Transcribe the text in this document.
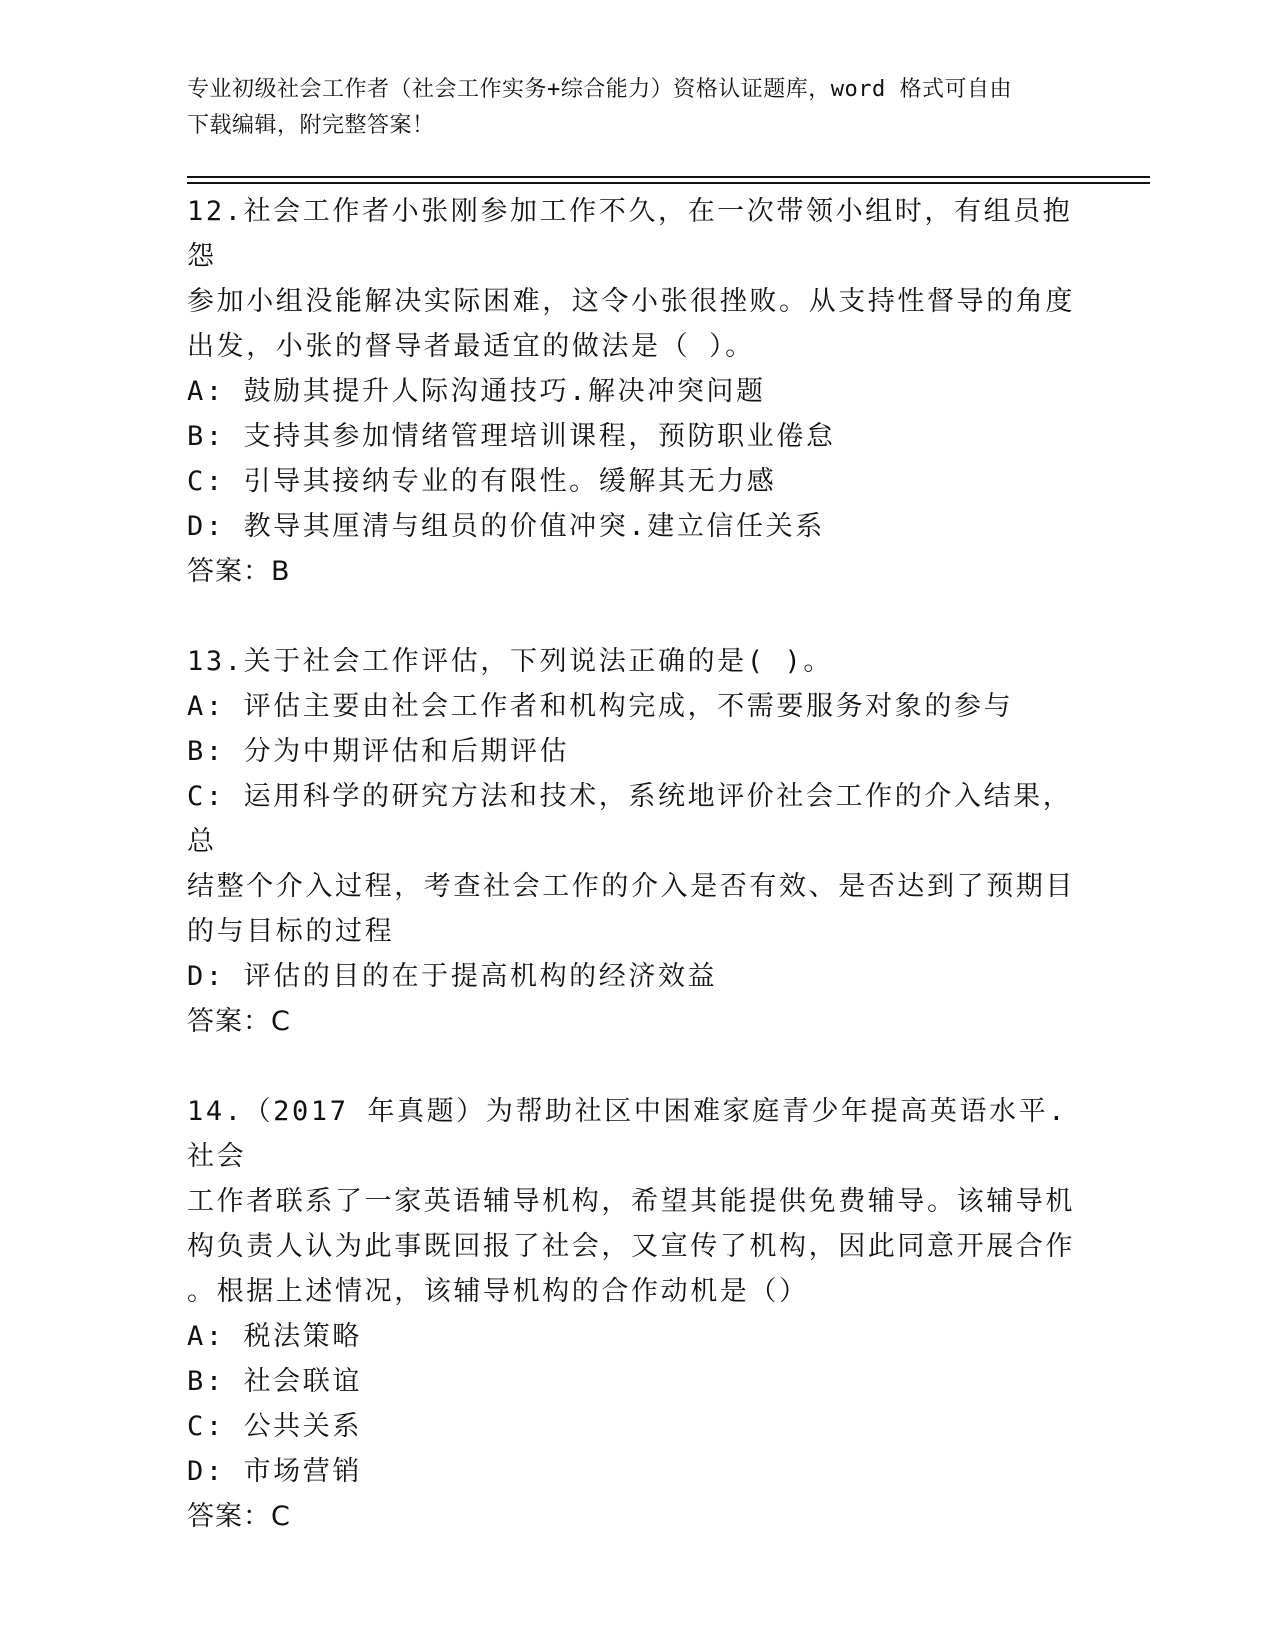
专业初级社会工作者（社会工作实务+综合能力）资格认证题库，word 格式可自由
下载编辑，附完整答案！
12.社会工作者小张刚参加工作不久，在一次带领小组时，有组员抱怨
参加小组没能解决实际困难，这令小张很挫败。从支持性督导的角度
出发，小张的督导者最适宜的做法是（ ）。
A: 鼓励其提升人际沟通技巧.解决冲突问题
B: 支持其参加情绪管理培训课程，预防职业倦怠
C: 引导其接纳专业的有限性。缓解其无力感
D: 教导其厘清与组员的价值冲突.建立信任关系
答案：B
13.关于社会工作评估，下列说法正确的是( )。
A: 评估主要由社会工作者和机构完成，不需要服务对象的参与
B: 分为中期评估和后期评估
C: 运用科学的研究方法和技术，系统地评价社会工作的介入结果，总
结整个介入过程，考查社会工作的介入是否有效、是否达到了预期目
的与目标的过程
D: 评估的目的在于提高机构的经济效益
答案：C
14.（2017 年真题）为帮助社区中困难家庭青少年提高英语水平.社会
工作者联系了一家英语辅导机构，希望其能提供免费辅导。该辅导机
构负责人认为此事既回报了社会，又宣传了机构，因此同意开展合作
。根据上述情况，该辅导机构的合作动机是（）
A: 税法策略
B: 社会联谊
C: 公共关系
D: 市场营销
答案：C
